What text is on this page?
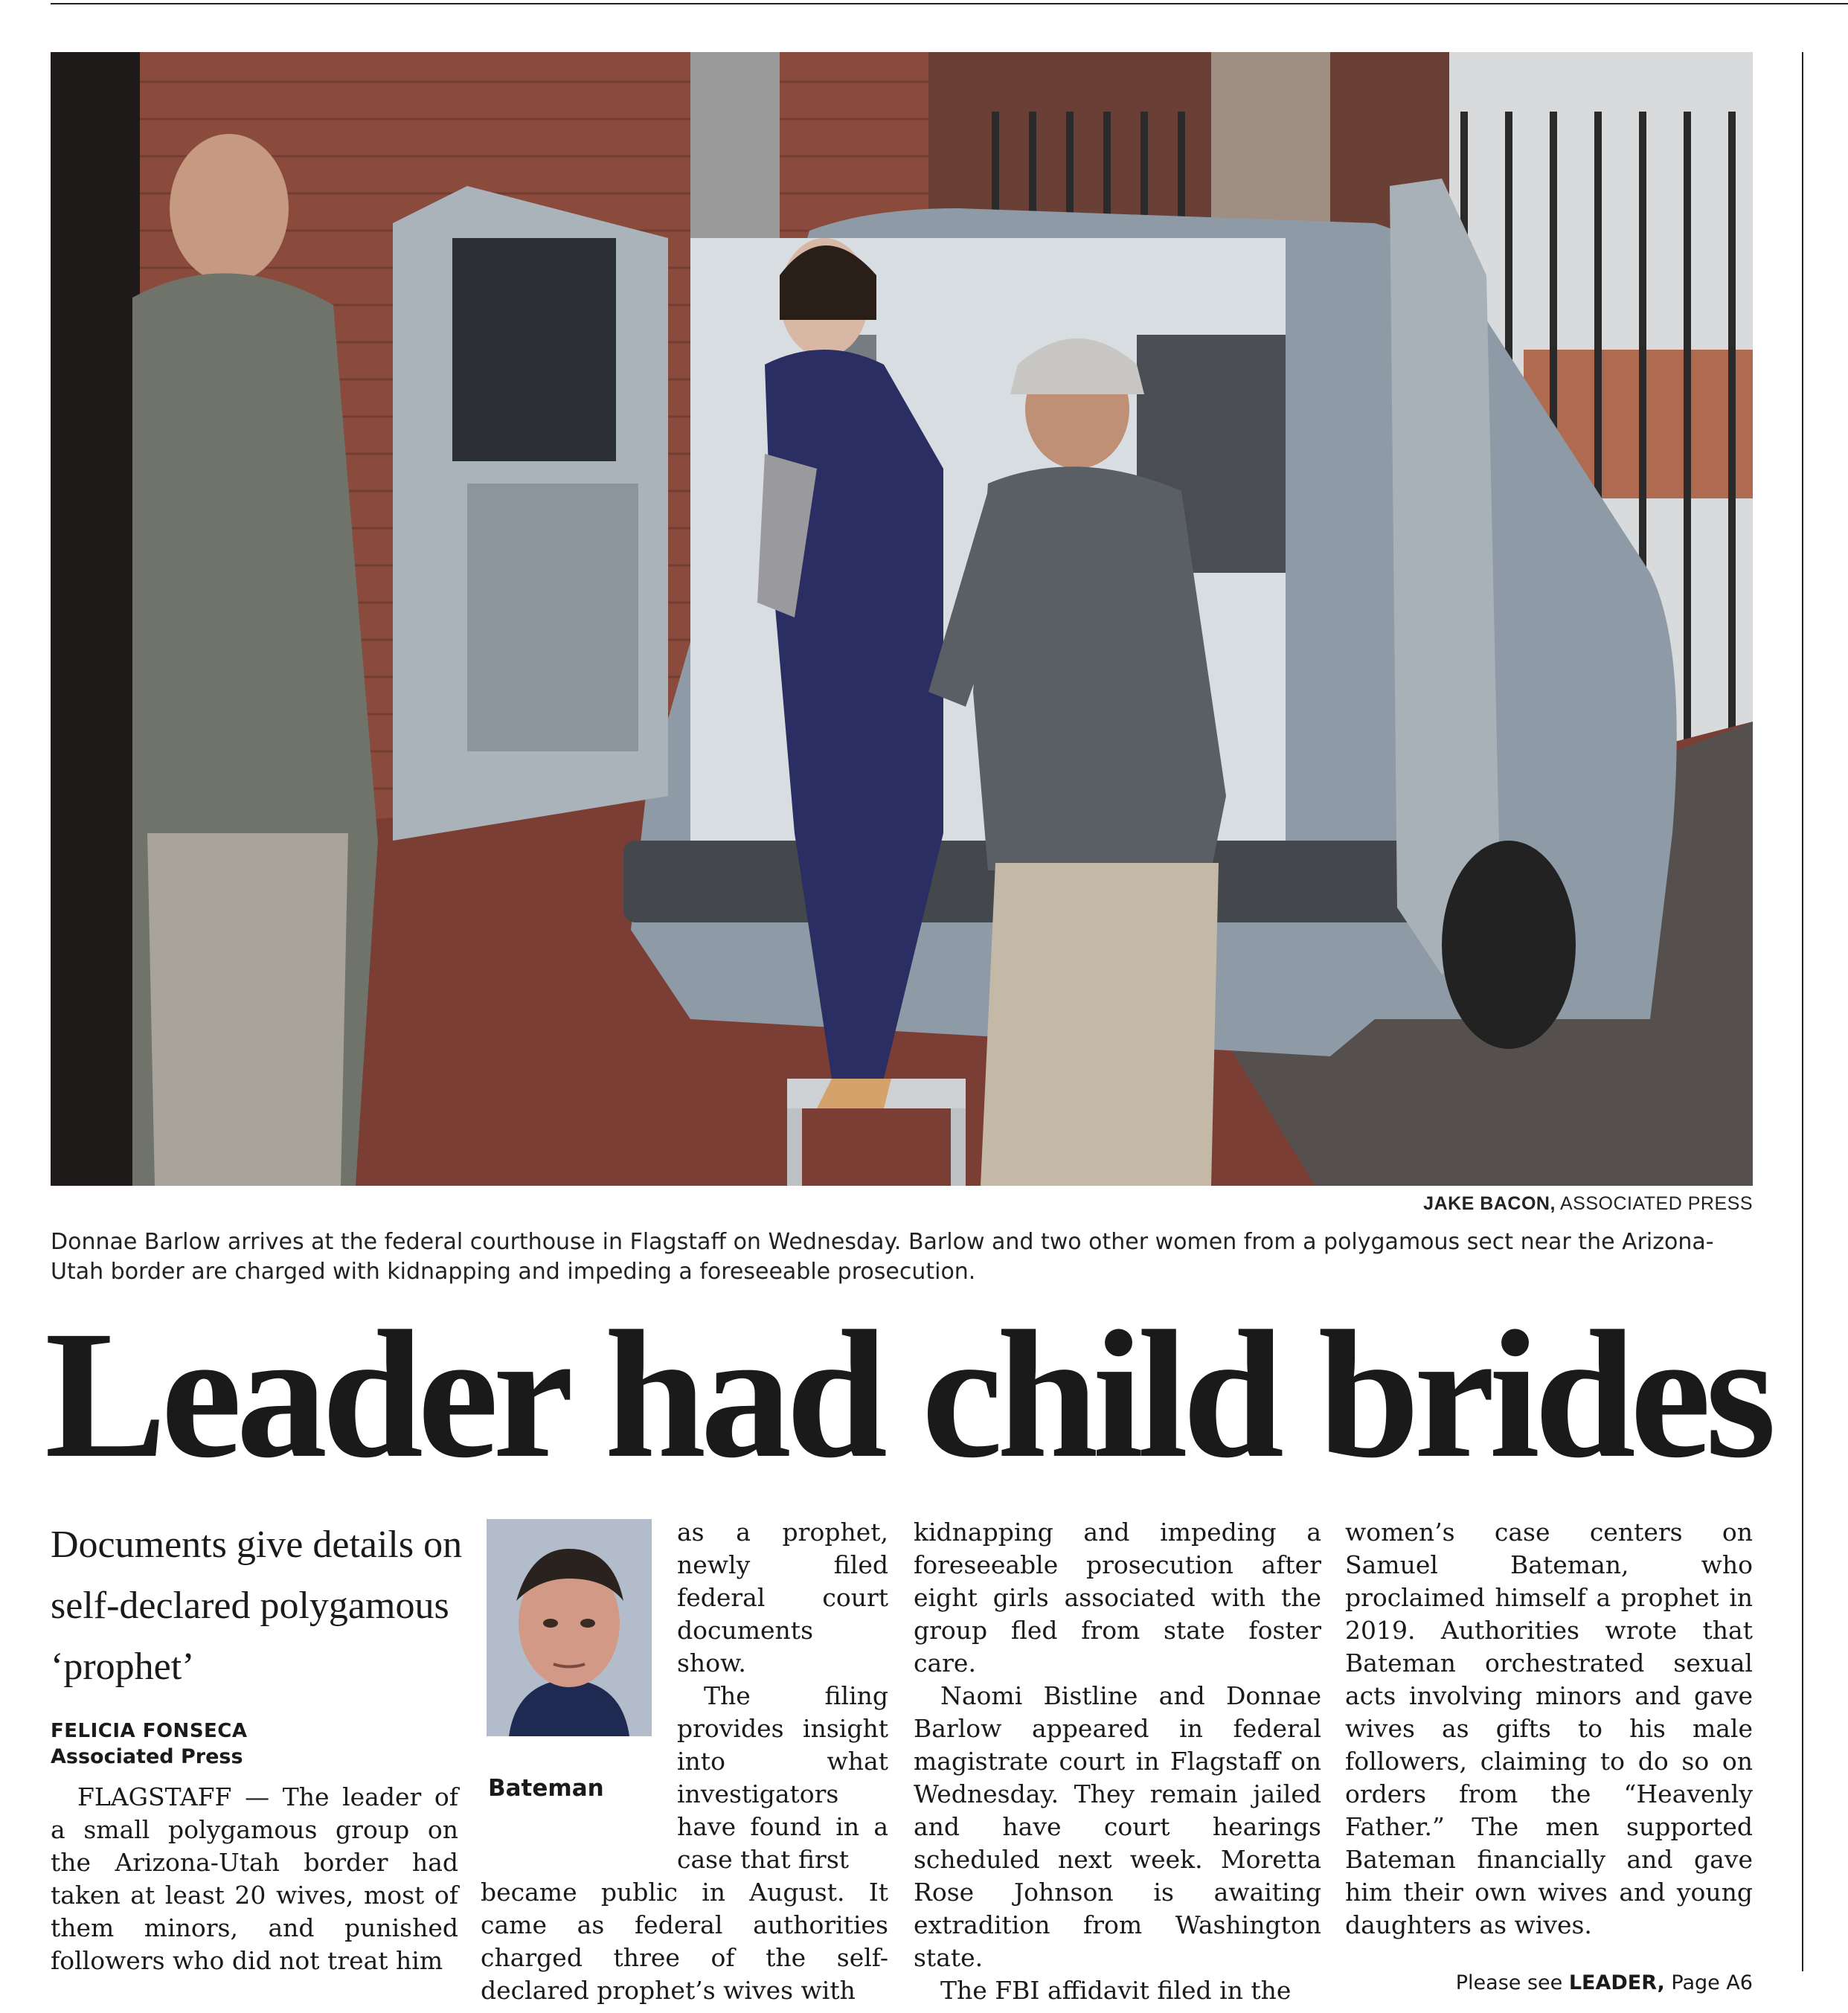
JAKE BACON, ASSOCIATED PRESS
Donnae Barlow arrives at the federal courthouse in Flagstaff on Wednesday. Barlow and two other women from a polygamous sect near the Arizona-Utah border are charged with kidnapping and impeding a foreseeable prosecution.
Leader had child brides
Documents give details on self-declared polygamous ‘prophet’
FELICIA FONSECA
Associated Press
FLAGSTAFF — The leader of a small polygamous group on the Arizona-Utah border had taken at least 20 wives, most of them minors, and punished followers who did not treat him
Bateman

as a prophet, newly filed federal court documents show.

The filing provides insight into what investigators have found in a case that first

became public in August. It came as federal authorities charged three of the self-declared prophet’s wives with

kidnapping and impeding a foreseeable prosecution after eight girls associated with the group fled from state foster care.

Naomi Bistline and Donnae Barlow appeared in federal magistrate court in Flagstaff on Wednesday. They remain jailed and have court hearings scheduled next week. Moretta Rose Johnson is awaiting extradition from Washington state.

The FBI affidavit filed in the

women’s case centers on Samuel Bateman, who proclaimed himself a prophet in 2019. Authorities wrote that Bateman orchestrated sexual acts involving minors and gave wives as gifts to his male followers, claiming to do so on orders from the “Heavenly Father.” The men supported Bateman financially and gave him their own wives and young daughters as wives.

Please see LEADER, Page A6
